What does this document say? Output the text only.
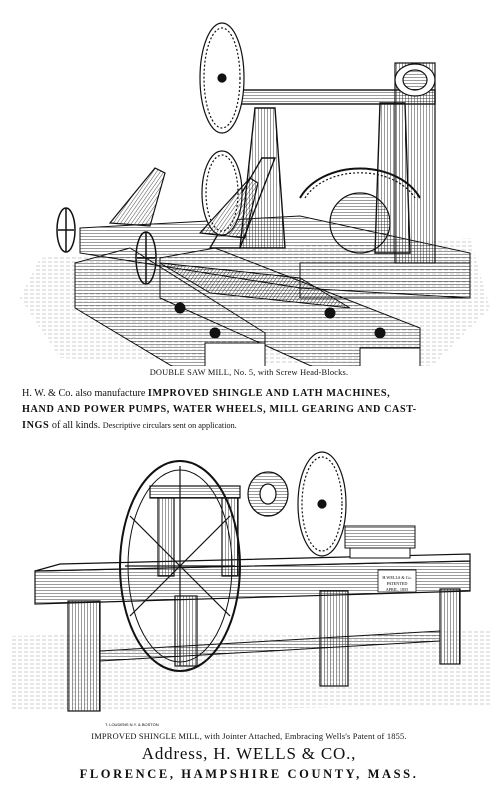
DOUBLE SAW MILL, No. 5, with Screw Head-Blocks.
H. W. & Co. also manufacture IMPROVED SHINGLE AND LATH MACHINES,
HAND AND POWER PUMPS, WATER WHEELS, MILL GEARING AND CAST-
INGS of all kinds. Descriptive circulars sent on application.
H.WELLS & Co.
PATENTED
APRIL, 1855
T. LOUDENS N.Y. & BOSTON
IMPROVED SHINGLE MILL, with Jointer Attached, Embracing Wells's Patent of 1855.
Address, H. WELLS & CO.,
FLORENCE, HAMPSHIRE COUNTY, MASS.
